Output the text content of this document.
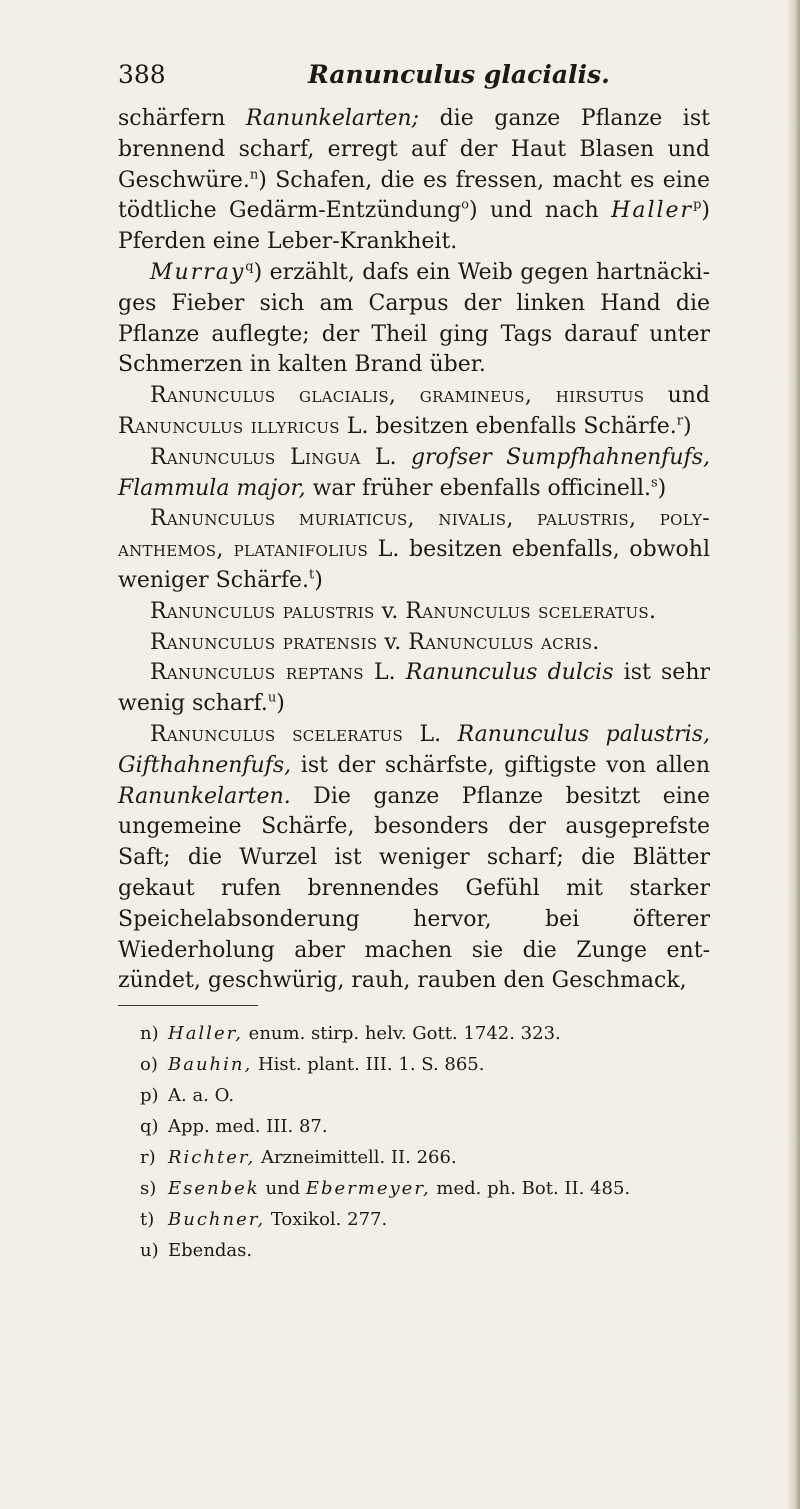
388	Ranunculus glacialis.

schärfern Ranunkelarten; die ganze Pflanze ist brennend scharf, erregt auf der Haut Blasen und Geschwüre.$^n$) Schafen, die es fressen, macht es eine tödtliche Gedärm-Entzündung$^o$) und nach Haller$^p$) Pferden eine Leber-Krankheit.

Murray$^q$) erzählt, dafs ein Weib gegen hartnäcki-ges Fieber sich am Carpus der linken Hand die Pflanze auflegte; der Theil ging Tags darauf unter Schmerzen in kalten Brand über.

Ranunculus glacialis, gramineus, hirsutus und Ranunculus illyricus L. besitzen ebenfalls Schärfe.$^r$)

Ranunculus Lingua L. grofser Sumpfhahnenfufs, Flammula major, war früher ebenfalls officinell.$^s$)

Ranunculus muriaticus, nivalis, palustris, poly-anthemos, platanifolius L. besitzen ebenfalls, obwohl weniger Schärfe.$^t$)

Ranunculus palustris v. Ranunculus sceleratus.

Ranunculus pratensis v. Ranunculus acris.

Ranunculus reptans L. Ranunculus dulcis ist sehr wenig scharf.$^u$)

Ranunculus sceleratus L. Ranunculus palustris, Gifthahnenfufs, ist der schärfste, giftigste von allen Ranunkelarten. Die ganze Pflanze besitzt eine ungemeine Schärfe, besonders der ausgeprefste Saft; die Wurzel ist weniger scharf; die Blätter gekaut rufen brennendes Gefühl mit starker Speichelabsonderung hervor, bei öfterer Wiederholung aber machen sie die Zunge ent-zündet, geschwürig, rauh, rauben den Geschmack,

n) Haller, enum. stirp. helv. Gott. 1742. 323.
o) Bauhin, Hist. plant. III. 1. S. 865.
p) A. a. O.
q) App. med. III. 87.
r) Richter, Arzneimittell. II. 266.
s) Esenbek und Ebermeyer, med. ph. Bot. II. 485.
t) Buchner, Toxikol. 277.
u) Ebendas.
